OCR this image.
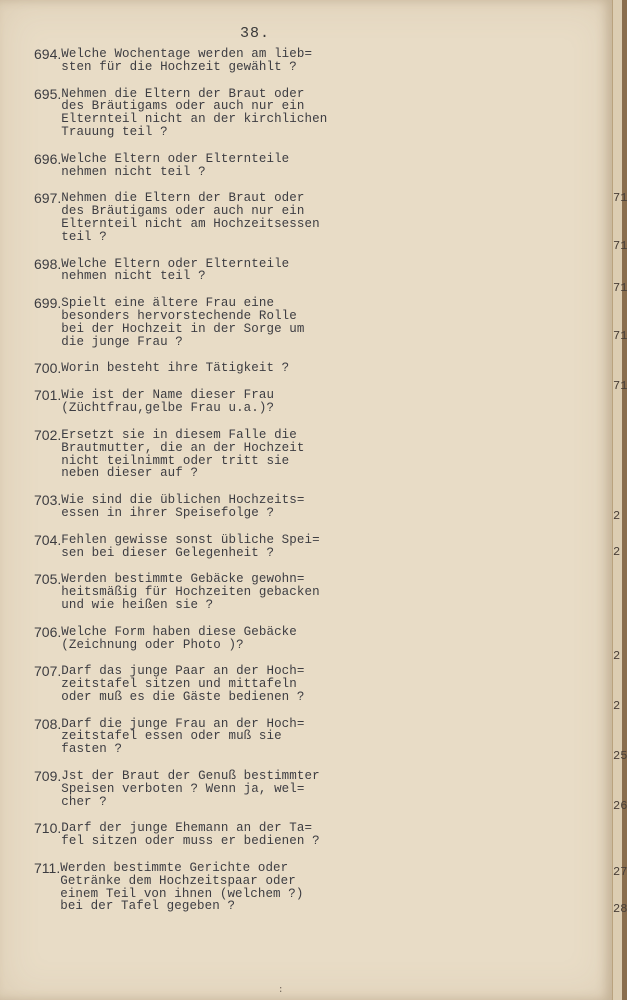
38.
694. Welche Wochentage werden am lieb=
sten für die Hochzeit gewählt ?
695. Nehmen die Eltern der Braut oder
des Bräutigams oder auch nur ein
Elternteil nicht an der kirchlichen
Trauung teil ?
696. Welche Eltern oder Elternteile
nehmen nicht teil ?
697. Nehmen die Eltern der Braut oder
des Bräutigams oder auch nur ein
Elternteil nicht am Hochzeitsessen
teil ?
698. Welche Eltern oder Elternteile
nehmen nicht teil ?
699. Spielt eine ältere Frau eine
besonders hervorstechende Rolle
bei der Hochzeit in der Sorge um
die junge Frau ?
700. Worin besteht ihre Tätigkeit ?
701. Wie ist der Name dieser Frau
(Züchtfrau,gelbe Frau u.a.)?
702. Ersetzt sie in diesem Falle die
Brautmutter, die an der Hochzeit
nicht teilnimmt oder tritt sie
neben dieser auf ?
703. Wie sind die üblichen Hochzeits=
essen in ihrer Speisefolge ?
704. Fehlen gewisse sonst übliche Spei=
sen bei dieser Gelegenheit ?
705. Werden bestimmte Gebäcke gewohn=
heitsmäßig für Hochzeiten gebacken
und wie heißen sie ?
706. Welche Form haben diese Gebäcke
(Zeichnung oder Photo )?
707. Darf das junge Paar an der Hoch=
zeitstafel sitzen und mittafeln
oder muß es die Gäste bedienen ?
708. Darf die junge Frau an der Hoch=
zeitstafel essen oder muß sie
fasten ?
709. Jst der Braut der Genuß bestimmter
Speisen verboten ? Wenn ja, wel=
cher ?
710. Darf der junge Ehemann an der Ta=
fel sitzen oder muss er bedienen ?
711. Werden bestimmte Gerichte oder
Getränke dem Hochzeitspaar oder
einem Teil von ihnen (welchem ?)
bei der Tafel gegeben ?
:
71
71
71
71
71
2
2
2
2
25
26
27
28
